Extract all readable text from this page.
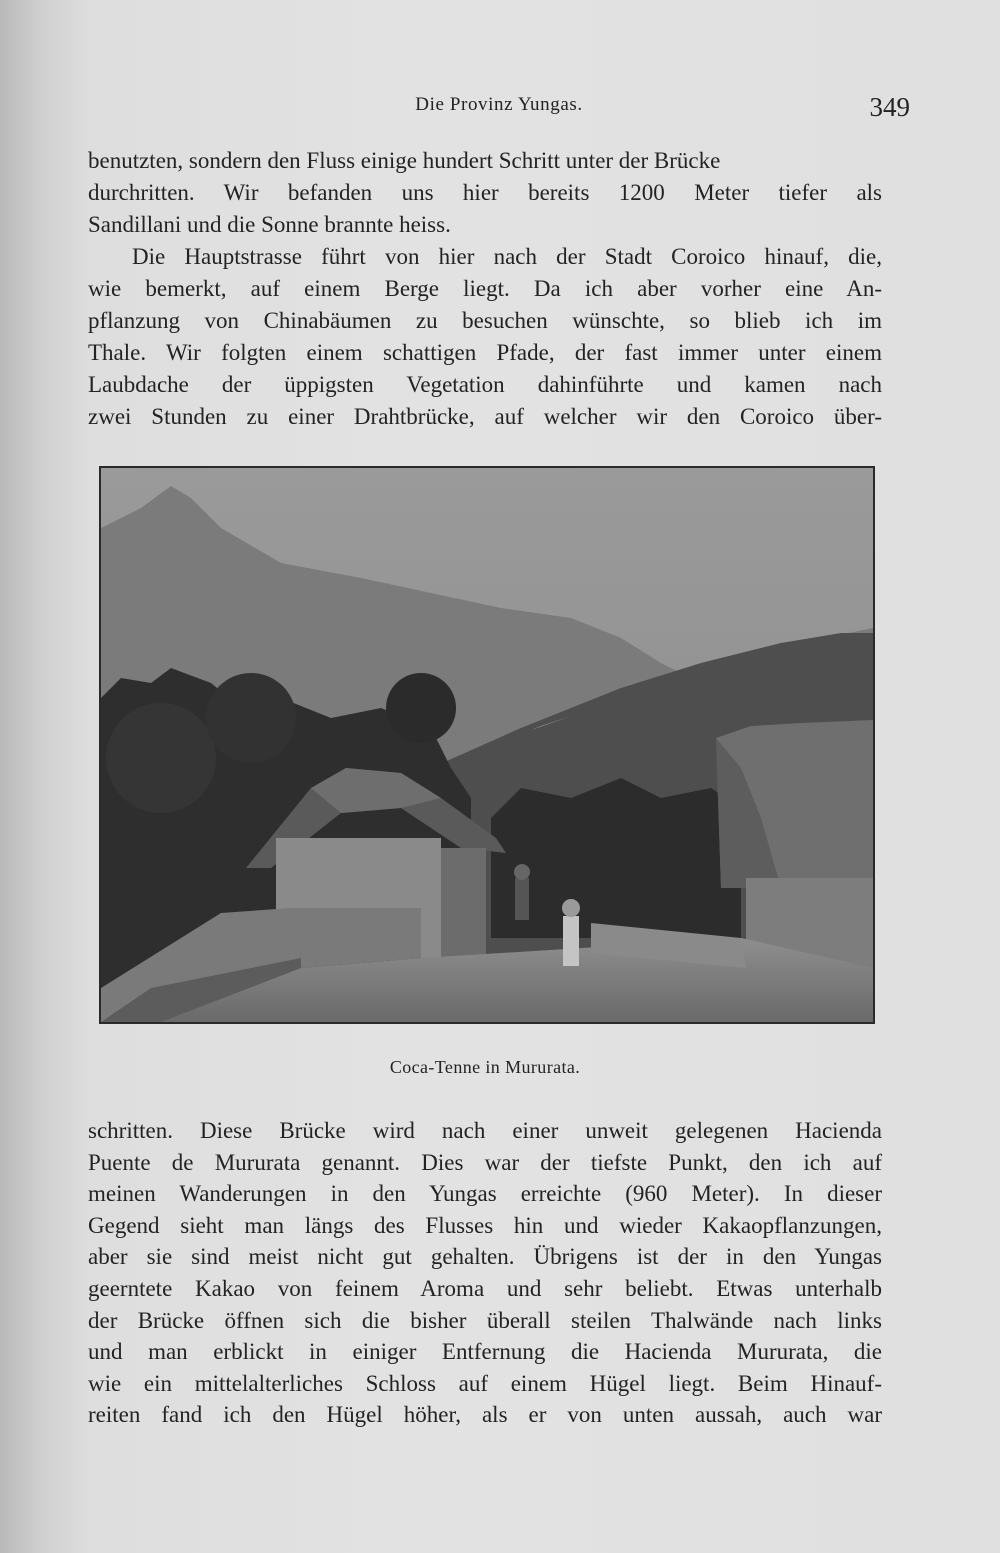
Die Provinz Yungas.	349
benutzten, sondern den Fluss einige hundert Schritt unter der Brücke
durchritten. Wir befanden uns hier bereits 1200 Meter tiefer als
Sandillani und die Sonne brannte heiss.
Die Hauptstrasse führt von hier nach der Stadt Coroico hinauf, die,
wie bemerkt, auf einem Berge liegt. Da ich aber vorher eine An-
pflanzung von Chinabäumen zu besuchen wünschte, so blieb ich im
Thale. Wir folgten einem schattigen Pfade, der fast immer unter einem
Laubdache der üppigsten Vegetation dahinführte und kamen nach
zwei Stunden zu einer Drahtbrücke, auf welcher wir den Coroico über-
Coca-Tenne in Mururata.
schritten. Diese Brücke wird nach einer unweit gelegenen Hacienda
Puente de Mururata genannt. Dies war der tiefste Punkt, den ich auf
meinen Wanderungen in den Yungas erreichte (960 Meter). In dieser
Gegend sieht man längs des Flusses hin und wieder Kakaopflanzungen,
aber sie sind meist nicht gut gehalten. Übrigens ist der in den Yungas
geerntete Kakao von feinem Aroma und sehr beliebt. Etwas unterhalb
der Brücke öffnen sich die bisher überall steilen Thalwände nach links
und man erblickt in einiger Entfernung die Hacienda Mururata, die
wie ein mittelalterliches Schloss auf einem Hügel liegt. Beim Hinauf-
reiten fand ich den Hügel höher, als er von unten aussah, auch war
